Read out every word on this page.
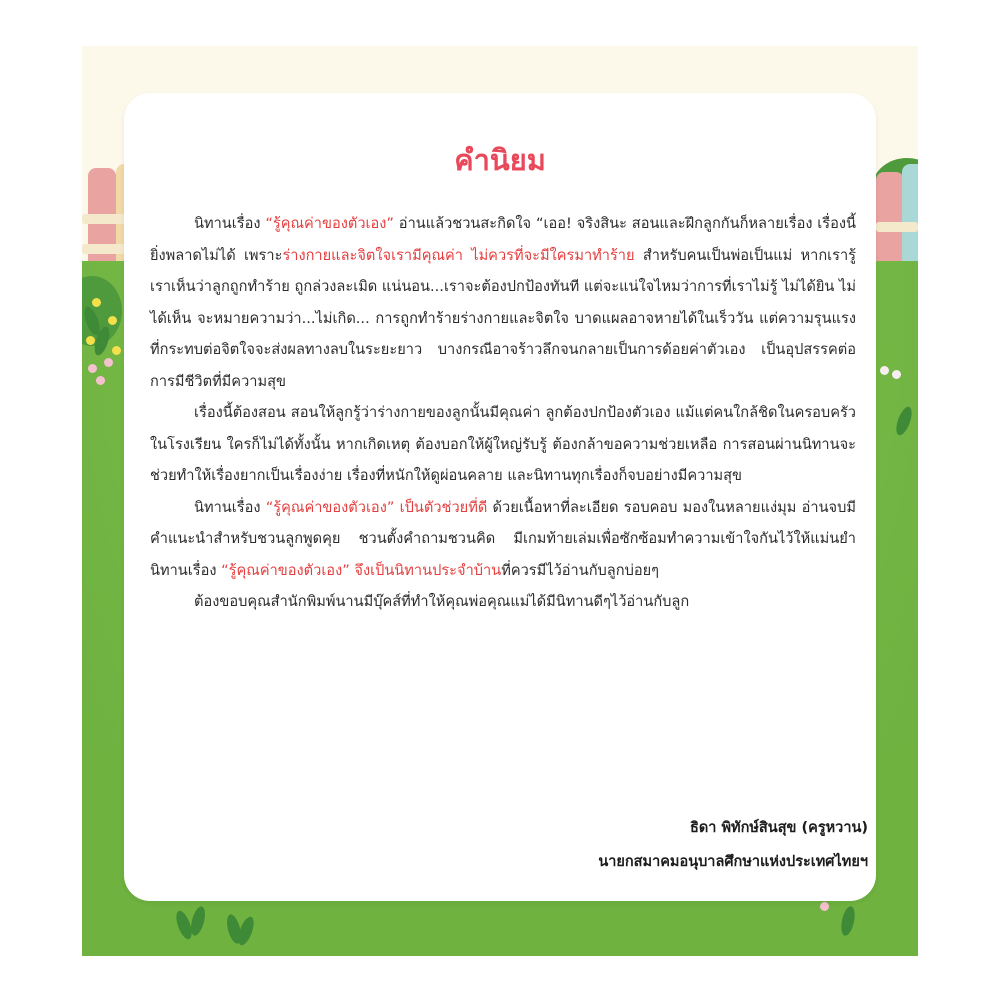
คำนิยม

นิทานเรื่อง “รู้คุณค่าของตัวเอง” อ่านแล้วชวนสะกิดใจ “เออ! จริงสินะ สอนและฝึกลูกกันก็หลายเรื่อง เรื่องนี้ยิ่งพลาดไม่ได้ เพราะร่างกายและจิตใจเรามีคุณค่า ไม่ควรที่จะมีใครมาทำร้าย สำหรับคนเป็นพ่อเป็นแม่ หากเรารู้เราเห็นว่าลูกถูกทำร้าย ถูกล่วงละเมิด แน่นอน...เราจะต้องปกป้องทันที แต่จะแน่ใจไหมว่าการที่เราไม่รู้ ไม่ได้ยิน ไม่ได้เห็น จะหมายความว่า...ไม่เกิด... การถูกทำร้ายร่างกายและจิตใจ บาดแผลอาจหายได้ในเร็ววัน แต่ความรุนแรงที่กระทบต่อจิตใจจะส่งผลทางลบในระยะยาว บางกรณีอาจร้าวลึกจนกลายเป็นการด้อยค่าตัวเอง เป็นอุปสรรคต่อการมีชีวิตที่มีความสุข

เรื่องนี้ต้องสอน สอนให้ลูกรู้ว่าร่างกายของลูกนั้นมีคุณค่า ลูกต้องปกป้องตัวเอง แม้แต่คนใกล้ชิดในครอบครัว ในโรงเรียน ใครก็ไม่ได้ทั้งนั้น หากเกิดเหตุ ต้องบอกให้ผู้ใหญ่รับรู้ ต้องกล้าขอความช่วยเหลือ การสอนผ่านนิทานจะช่วยทำให้เรื่องยากเป็นเรื่องง่าย เรื่องที่หนักให้ดูผ่อนคลาย และนิทานทุกเรื่องก็จบอย่างมีความสุข

นิทานเรื่อง “รู้คุณค่าของตัวเอง” เป็นตัวช่วยที่ดี ด้วยเนื้อหาที่ละเอียด รอบคอบ มองในหลายแง่มุม อ่านจบมีคำแนะนำสำหรับชวนลูกพูดคุย ชวนตั้งคำถามชวนคิด มีเกมท้ายเล่มเพื่อซักซ้อมทำความเข้าใจกันไว้ให้แม่นยำ นิทานเรื่อง “รู้คุณค่าของตัวเอง” จึงเป็นนิทานประจำบ้านที่ควรมีไว้อ่านกับลูกบ่อยๆ

ต้องขอบคุณสำนักพิมพ์นานมีบุ๊คส์ที่ทำให้คุณพ่อคุณแม่ได้มีนิทานดีๆไว้อ่านกับลูก

ธิดา พิทักษ์สินสุข (ครูหวาน)
นายกสมาคมอนุบาลศึกษาแห่งประเทศไทยฯ
